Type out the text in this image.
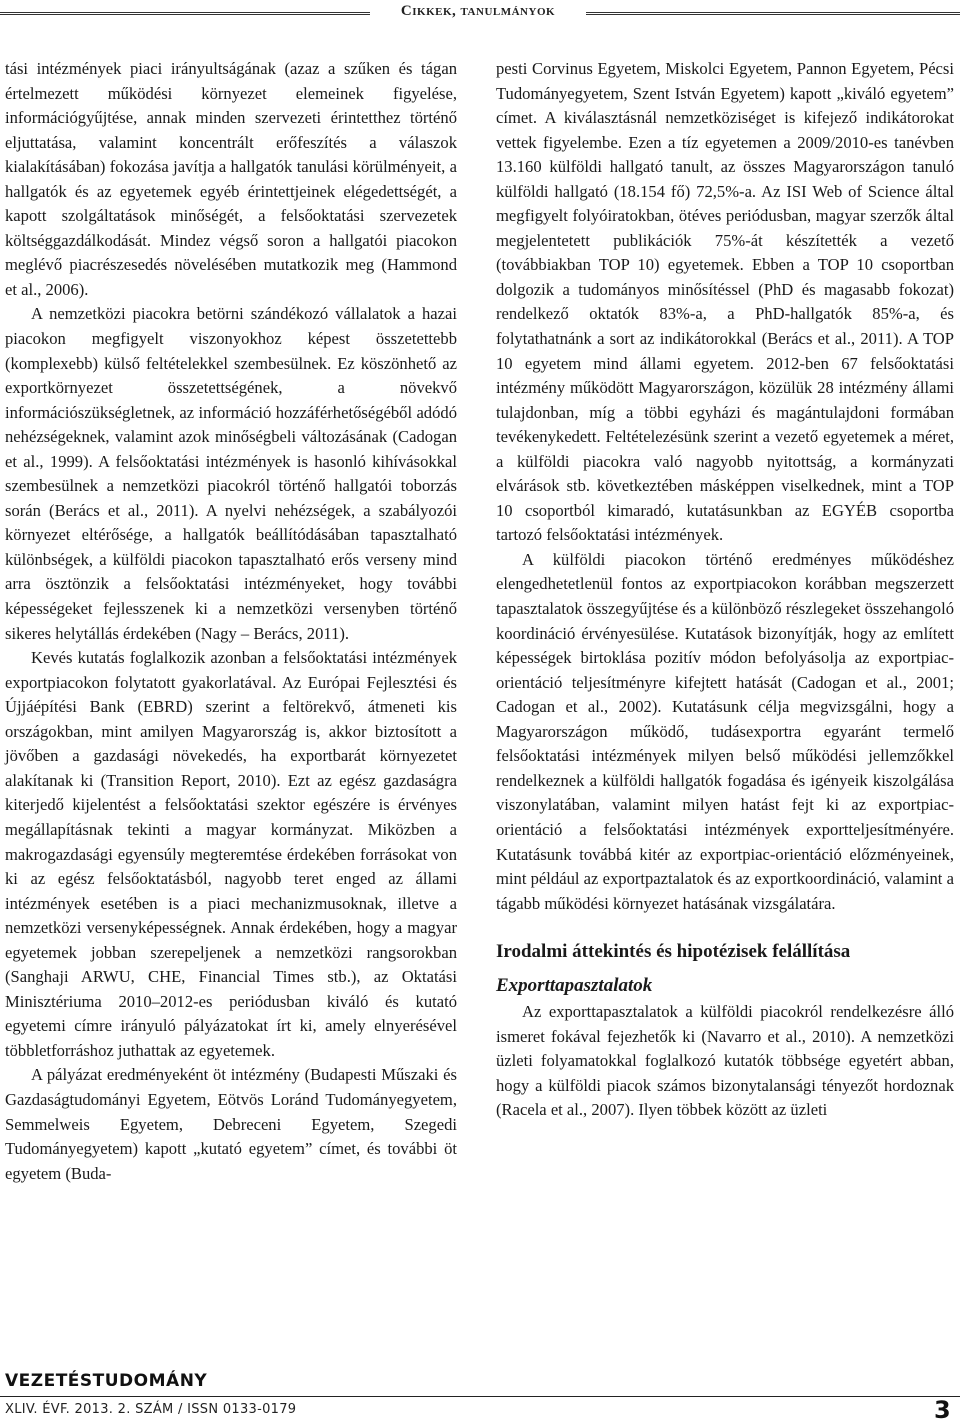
Cikkek, tanulmányok

tási intézmények piaci irányultságának (azaz a szűken és tágan értelmezett működési környezet elemeinek figyelése, információgyűjtése, annak minden szervezeti érintetthez történő eljuttatása, valamint koncentrált erőfeszítés a válaszok kialakításában) fokozása javítja a hallgatók tanulási körülményeit, a hallgatók és az egyetemek egyéb érintettjeinek elégedettségét, a kapott szolgáltatások minőségét, a felsőoktatási szervezetek költséggazdálkodását. Mindez végső soron a hallgatói piacokon meglévő piacrészesedés növelésében mutatkozik meg (Hammond et al., 2006).

A nemzetközi piacokra betörni szándékozó vállalatok a hazai piacokon megfigyelt viszonyokhoz képest összetettebb (komplexebb) külső feltételekkel szembesülnek. Ez köszönhető az exportkörnyezet összetettségének, a növekvő információszükségletnek, az információ hozzáférhetőségéből adódó nehézségeknek, valamint azok minőségbeli változásának (Cadogan et al., 1999). A felsőoktatási intézmények is hasonló kihívásokkal szembesülnek a nemzetközi piacokról történő hallgatói toborzás során (Berács et al., 2011). A nyelvi nehézségek, a szabályozói környezet eltérősége, a hallgatók beállítódásában tapasztalható különbségek, a külföldi piacokon tapasztalható erős verseny mind arra ösztönzik a felsőoktatási intézményeket, hogy további képességeket fejlesszenek ki a nemzetközi versenyben történő sikeres helytállás érdekében (Nagy – Berács, 2011).

Kevés kutatás foglalkozik azonban a felsőoktatási intézmények exportpiacokon folytatott gyakorlatával. Az Európai Fejlesztési és Újjáépítési Bank (EBRD) szerint a feltörekvő, átmeneti kis országokban, mint amilyen Magyarország is, akkor biztosított a jövőben a gazdasági növekedés, ha exportbarát környezetet alakítanak ki (Transition Report, 2010). Ezt az egész gazdaságra kiterjedő kijelentést a felsőoktatási szektor egészére is érvényes megállapításnak tekinti a magyar kormányzat. Miközben a makrogazdasági egyensúly megteremtése érdekében forrásokat von ki az egész felsőoktatásból, nagyobb teret enged az állami intézmények esetében is a piaci mechanizmusoknak, illetve a nemzetközi versenyképességnek. Annak érdekében, hogy a magyar egyetemek jobban szerepeljenek a nemzetközi rangsorokban (Sanghaji ARWU, CHE, Financial Times stb.), az Oktatási Minisztériuma 2010–2012-es periódusban kiváló és kutató egyetemi címre irányuló pályázatokat írt ki, amely elnyerésével többletforráshoz juthattak az egyetemek.

A pályázat eredményeként öt intézmény (Budapesti Műszaki és Gazdaságtudományi Egyetem, Eötvös Loránd Tudományegyetem, Semmelweis Egyetem, Debreceni Egyetem, Szegedi Tudományegyetem) kapott „kutató egyetem” címet, és további öt egyetem (Buda-

pesti Corvinus Egyetem, Miskolci Egyetem, Pannon Egyetem, Pécsi Tudományegyetem, Szent István Egyetem) kapott „kiváló egyetem” címet. A kiválasztásnál nemzetköziséget is kifejező indikátorokat vettek figyelembe. Ezen a tíz egyetemen a 2009/2010-es tanévben 13.160 külföldi hallgató tanult, az összes Magyarországon tanuló külföldi hallgató (18.154 fő) 72,5%-a. Az ISI Web of Science által megfigyelt folyóiratokban, ötéves periódusban, magyar szerzők által megjelentetett publikációk 75%-át készítették a vezető (továbbiakban TOP 10) egyetemek. Ebben a TOP 10 csoportban dolgozik a tudományos minősítéssel (PhD és magasabb fokozat) rendelkező oktatók 83%-a, a PhD-hallgatók 85%-a, és folytathatnánk a sort az indikátorokkal (Berács et al., 2011). A TOP 10 egyetem mind állami egyetem. 2012-ben 67 felsőoktatási intézmény működött Magyarországon, közülük 28 intézmény állami tulajdonban, míg a többi egyházi és magántulajdoni formában tevékenykedett. Feltételezésünk szerint a vezető egyetemek a méret, a külföldi piacokra való nagyobb nyitottság, a kormányzati elvárások stb. következtében másképpen viselkednek, mint a TOP 10 csoportból kimaradó, kutatásunkban az EGYÉB csoportba tartozó felsőoktatási intézmények.

A külföldi piacokon történő eredményes működéshez elengedhetetlenül fontos az exportpiacokon korábban megszerzett tapasztalatok összegyűjtése és a különböző részlegeket összehangoló koordináció érvényesülése. Kutatások bizonyítják, hogy az említett képességek birtoklása pozitív módon befolyásolja az exportpiac-orientáció teljesítményre kifejtett hatását (Cadogan et al., 2001; Cadogan et al., 2002). Kutatásunk célja megvizsgálni, hogy a Magyarországon működő, tudásexportra egyaránt termelő felsőoktatási intézmények milyen belső működési jellemzőkkel rendelkeznek a külföldi hallgatók fogadása és igényeik kiszolgálása viszonylatában, valamint milyen hatást fejt ki az exportpiac-orientáció a felsőoktatási intézmények exportteljesítményére. Kutatásunk továbbá kitér az exportpiac-orientáció előzményeinek, mint például az exportpaztalatok és az exportkoordináció, valamint a tágabb működési környezet hatásának vizsgálatára.

Irodalmi áttekintés és hipotézisek felállítása
Exporttapasztalatok

Az exporttapasztalatok a külföldi piacokról rendelkezésre álló ismeret fokával fejezhetők ki (Navarro et al., 2010). A nemzetközi üzleti folyamatokkal foglalkozó kutatók többsége egyetért abban, hogy a külföldi piacok számos bizonytalansági tényezőt hordoznak (Racela et al., 2007). Ilyen többek között az üzleti

VEZETÉSTUDOMÁNY
XLIV. ÉVF. 2013. 2. SZÁM / ISSN 0133-0179	3
